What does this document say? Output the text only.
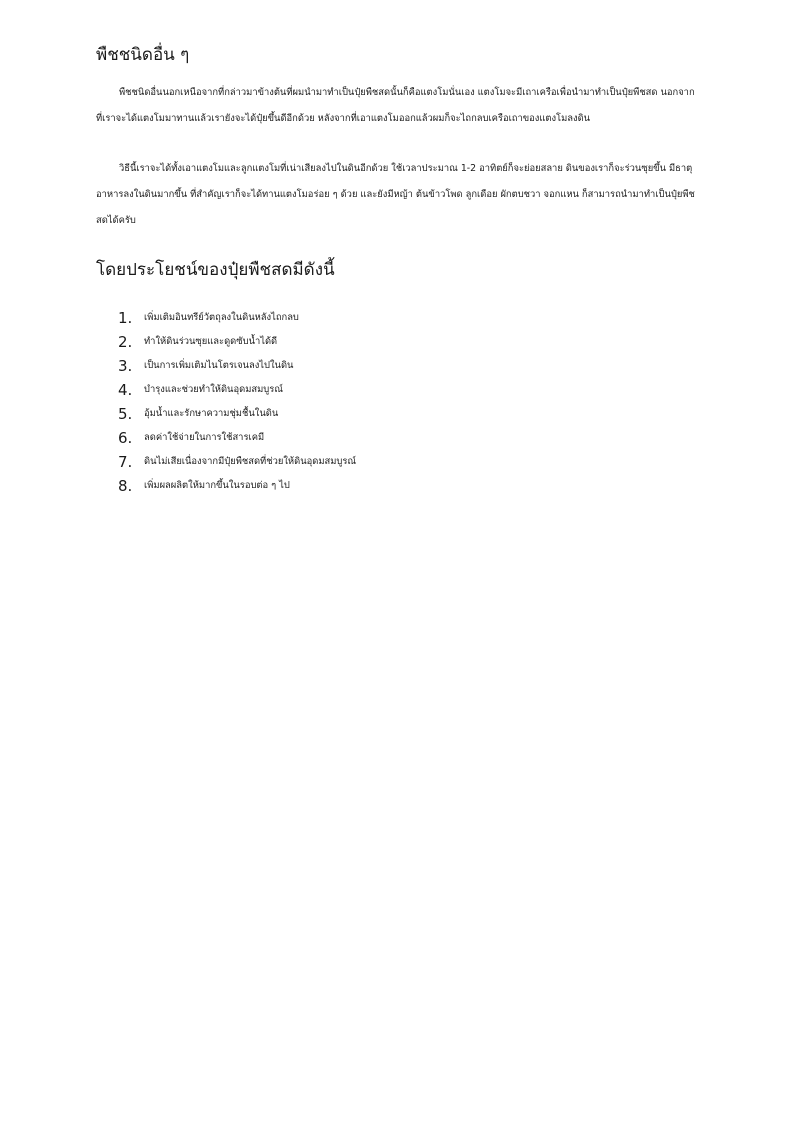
พืชชนิดอื่น ๆ

พืชชนิดอื่นนอกเหนือจากที่กล่าวมาข้างต้นที่ผมนำมาทำเป็นปุ๋ยพืชสดนั้นก็คือแตงโมนั่นเอง แตงโมจะมีเถาเครือเพื่อนำมาทำเป็นปุ๋ยพืชสด นอกจากที่เราจะได้แตงโมมาทานแล้วเรายังจะได้ปุ๋ยขึ้นดีอีกด้วย หลังจากที่เอาแตงโมออกแล้วผมก็จะไถกลบเครือเถาของแตงโมลงดิน

วิธีนี้เราจะได้ทั้งเอาแตงโมและลูกแตงโมที่เน่าเสียลงไปในดินอีกด้วย ใช้เวลาประมาณ 1-2 อาทิตย์ก็จะย่อยสลาย ดินของเราก็จะร่วนซุยขึ้น มีธาตุอาหารลงในดินมากขึ้น ที่สำคัญเราก็จะได้ทานแตงโมอร่อย ๆ ด้วย และยังมีหญ้า ต้นข้าวโพด ลูกเดือย ผักตบชวา จอกแหน ก็สามารถนำมาทำเป็นปุ๋ยพืชสดได้ครับ

โดยประโยชน์ของปุ๋ยพืชสดมีดังนี้
1.	เพิ่มเติมอินทรีย์วัตถุลงในดินหลังไถกลบ
2.	ทำให้ดินร่วนซุยและดูดซับน้ำได้ดี
3.	เป็นการเพิ่มเติมไนโตรเจนลงไปในดิน
4.	บำรุงและช่วยทำให้ดินอุดมสมบูรณ์
5.	อุ้มน้ำและรักษาความชุ่มชื้นในดิน
6.	ลดค่าใช้จ่ายในการใช้สารเคมี
7.	ดินไม่เสียเนื่องจากมีปุ๋ยพืชสดที่ช่วยให้ดินอุดมสมบูรณ์
8.	เพิ่มผลผลิตให้มากขึ้นในรอบต่อ ๆ ไป
